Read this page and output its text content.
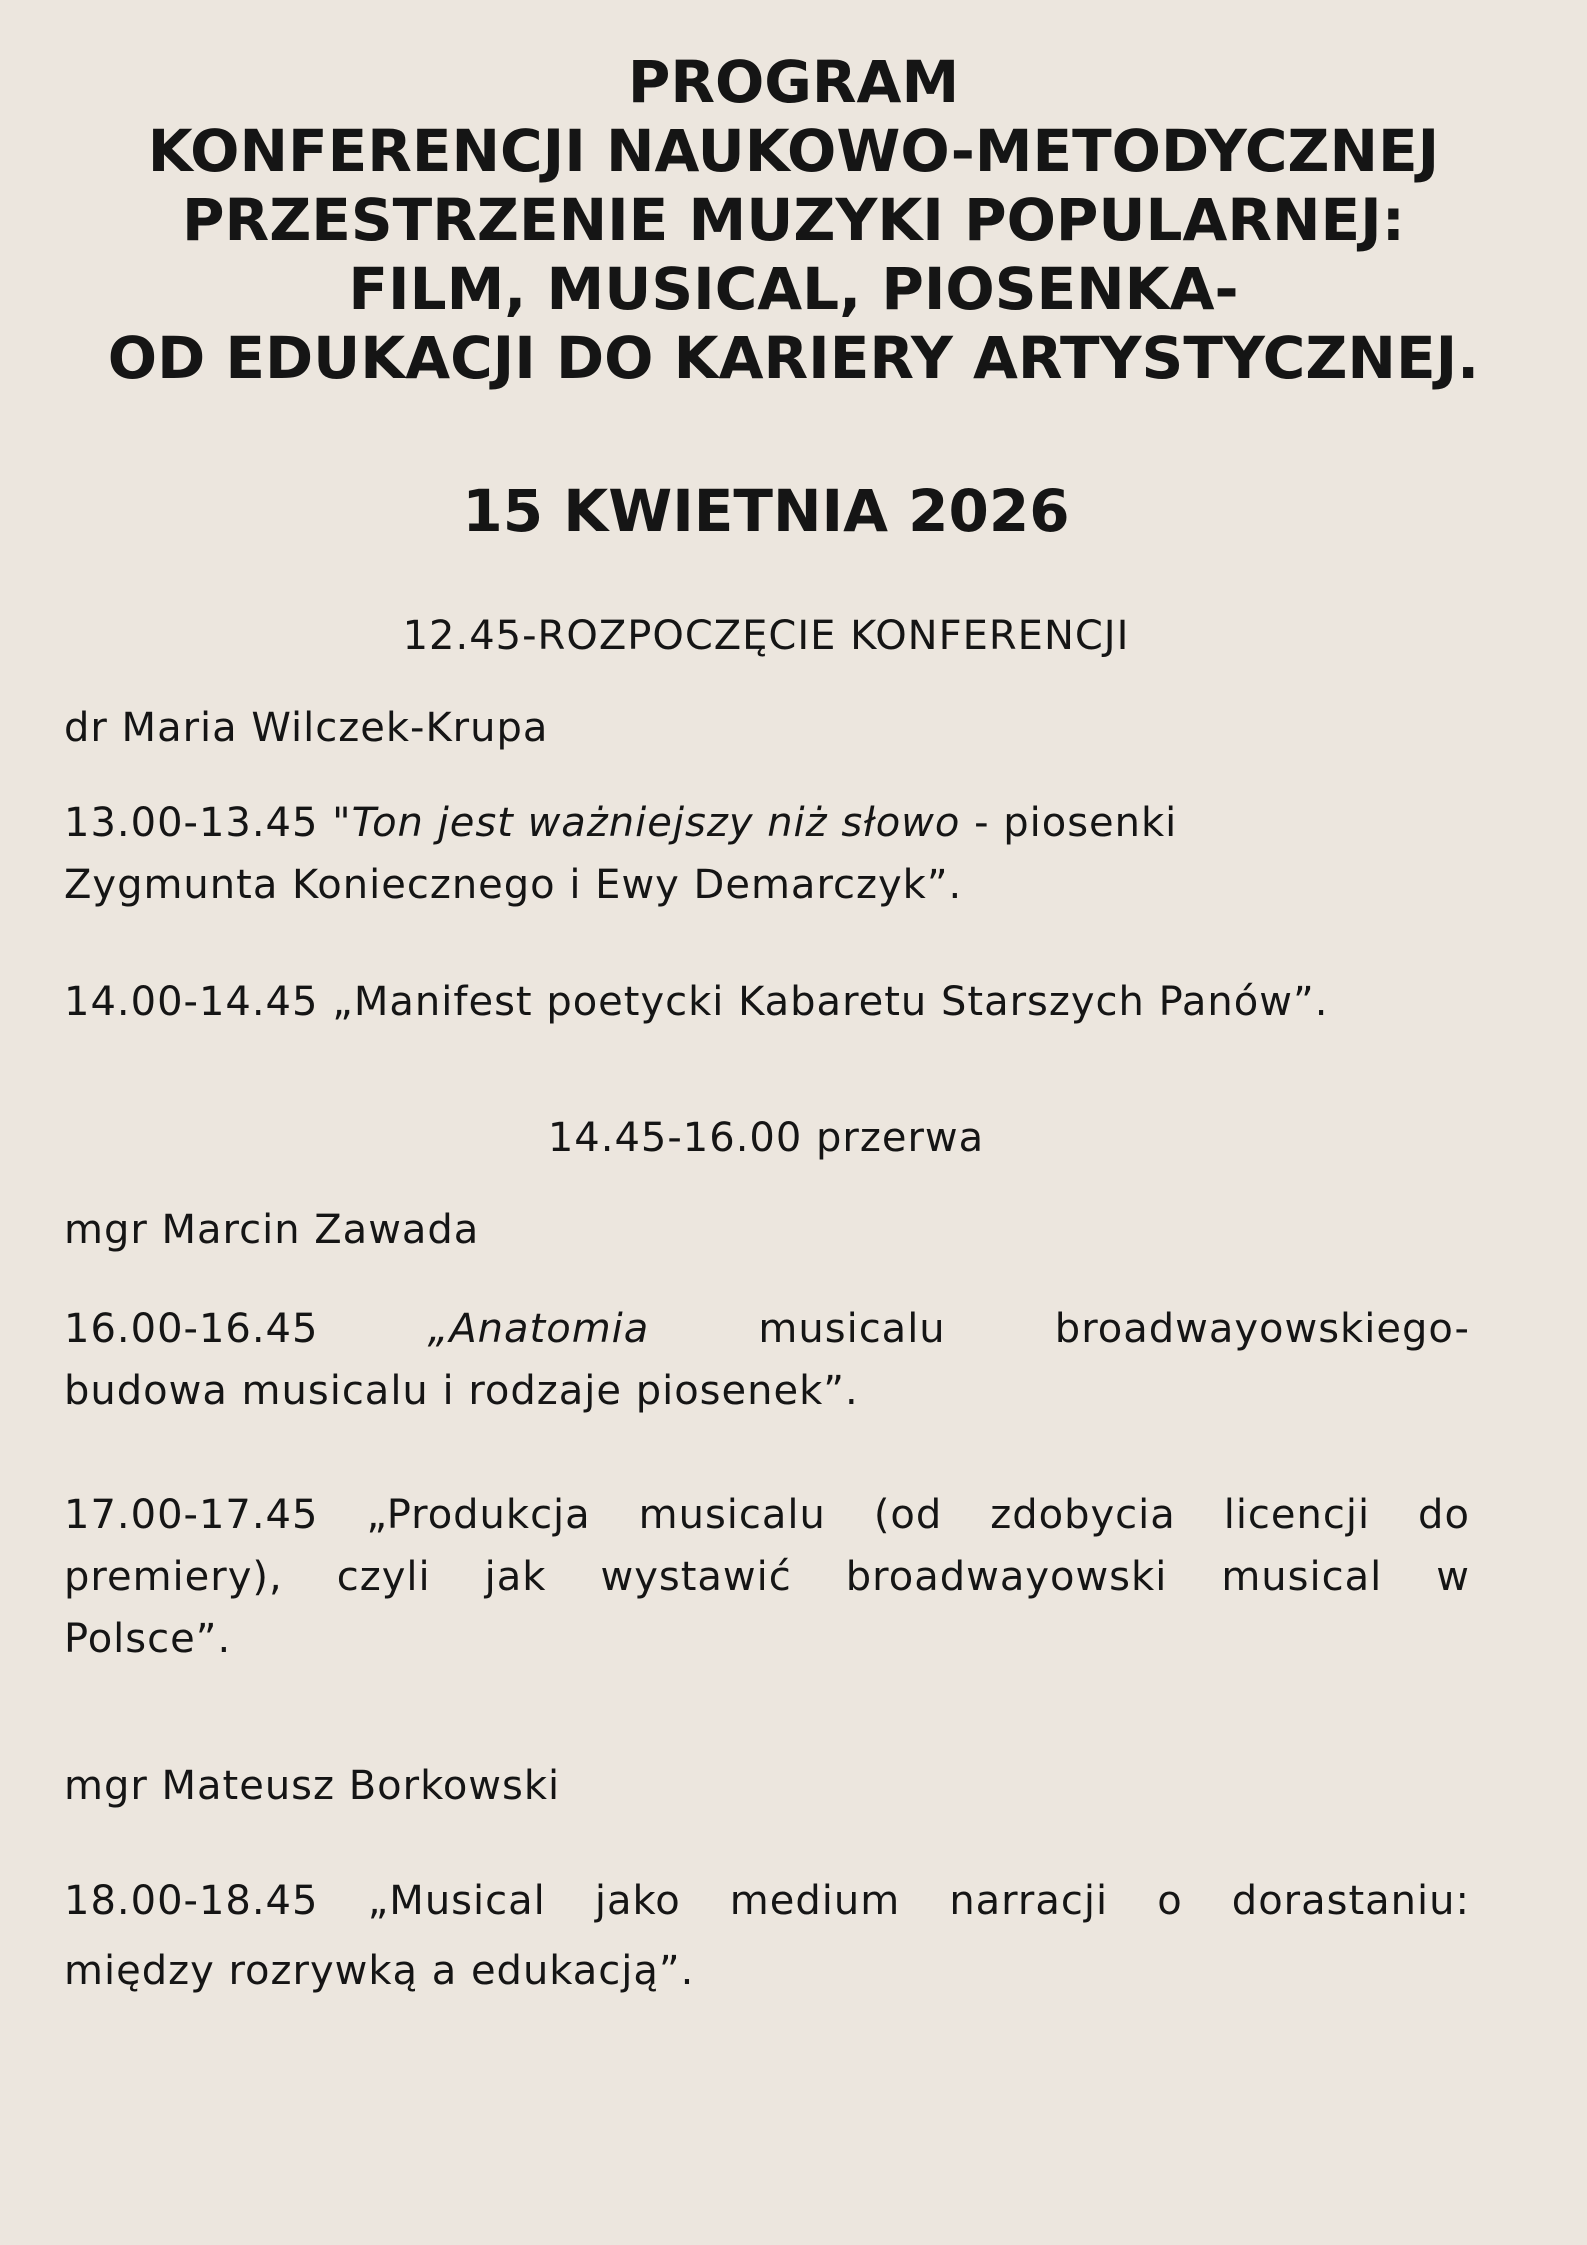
PROGRAM
KONFERENCJI NAUKOWO-METODYCZNEJ
PRZESTRZENIE MUZYKI POPULARNEJ:
FILM, MUSICAL, PIOSENKA-
OD EDUKACJI DO KARIERY ARTYSTYCZNEJ.
15 KWIETNIA 2026
12.45-ROZPOCZĘCIE KONFERENCJI
dr Maria Wilczek-Krupa
13.00-13.45 "Ton jest ważniejszy niż słowo - piosenki
Zygmunta Koniecznego i Ewy Demarczyk”.
14.00-14.45 „Manifest poetycki Kabaretu Starszych Panów”.
14.45-16.00 przerwa
mgr Marcin Zawada
16.00-16.45	„Anatomia	musicalu	broadwayowskiego-
budowa musicalu i rodzaje piosenek”.
17.00-17.45 „Produkcja musicalu (od zdobycia licencji do
premiery), czyli jak wystawić broadwayowski musical w
Polsce”.
mgr Mateusz Borkowski
18.00-18.45 „Musical jako medium narracji o dorastaniu:
między rozrywką a edukacją”.
